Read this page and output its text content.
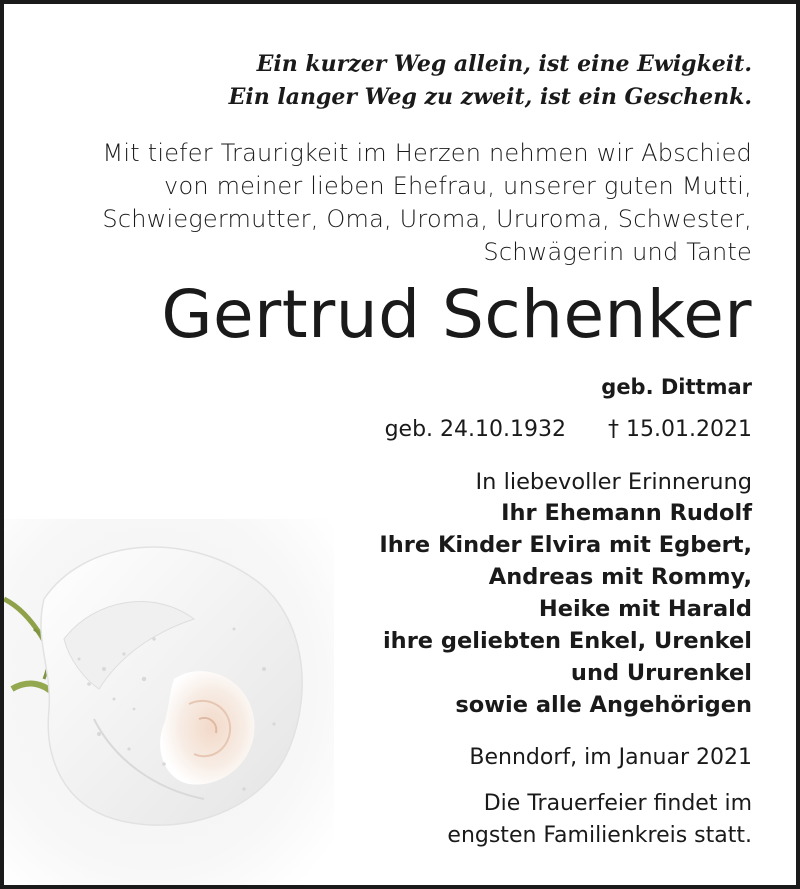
Ein kurzer Weg allein, ist eine Ewigkeit.
Ein langer Weg zu zweit, ist ein Geschenk.
Mit tiefer Traurigkeit im Herzen nehmen wir Abschied
von meiner lieben Ehefrau, unserer guten Mutti,
Schwiegermutter, Oma, Uroma, Ururoma, Schwester,
Schwägerin und Tante
Gertrud Schenker
geb. Dittmar
geb. 24.10.1932 † 15.01.2021
In liebevoller Erinnerung
Ihr Ehemann Rudolf
Ihre Kinder Elvira mit Egbert,
Andreas mit Rommy,
Heike mit Harald
ihre geliebten Enkel, Urenkel
und Ururenkel
sowie alle Angehörigen
Benndorf, im Januar 2021
Die Trauerfeier findet im
engsten Familienkreis statt.
